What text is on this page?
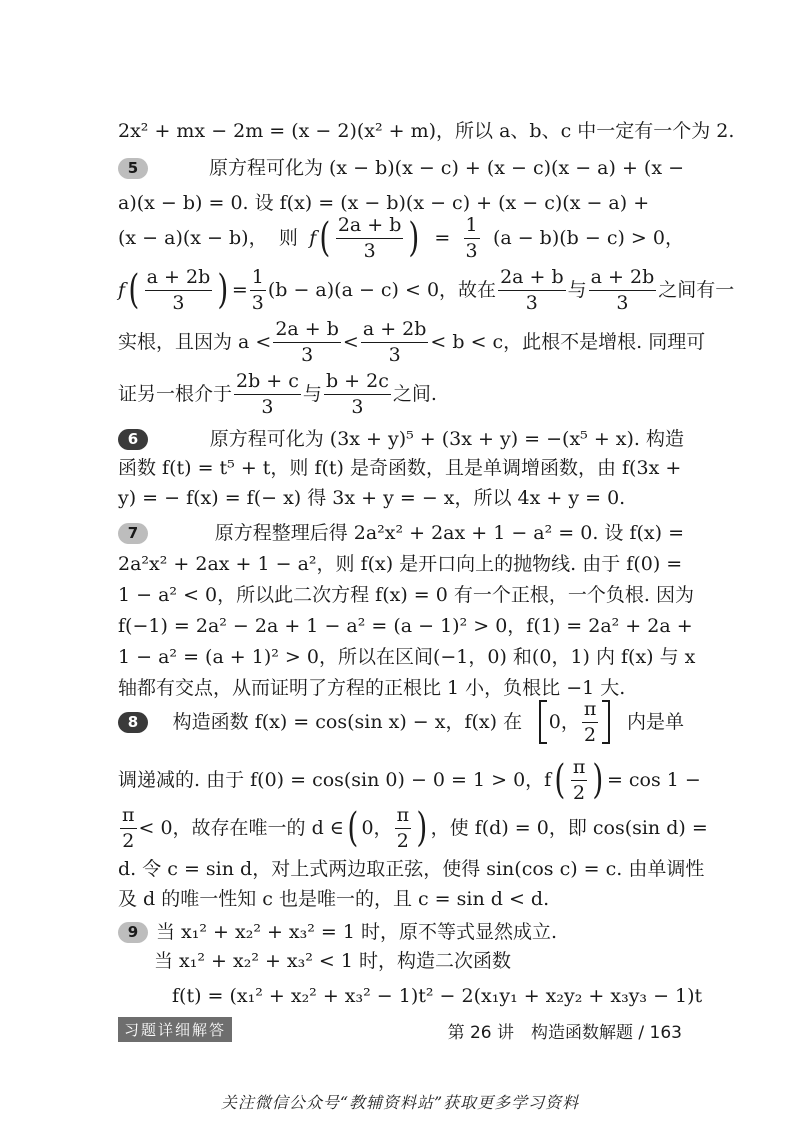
2x² + mx − 2m = (x − 2)(x² + m)，所以 a、b、c 中一定有一个为 2.
5	原方程可化为 (x − b)(x − c) + (x − c)(x − a) + (x −
a)(x − b) = 0. 设 f(x) = (x − b)(x − c) + (x − c)(x − a) +
(x − a)(x − b)， 则 f ( $\frac{2a + b}{3}$ ) = $\frac{1}{3} (a - b)(b - c) > 0$，
f ( $\frac{a + 2b}{3}$ ) = $\frac{1}{3} (b - a)(a - c) < 0$，故在 $\frac{2a + b}{3}$ 与 $\frac{a + 2b}{3}$ 之间有一
实根，且因为 $a < \frac{2a + b}{3} < \frac{a + 2b}{3} < b < c$，此根不是增根. 同理可
证另一根介于 $\frac{2b + c}{3}$ 与 $\frac{b + 2c}{3}$ 之间.
6	原方程可化为 (3x + y)⁵ + (3x + y) = −(x⁵ + x). 构造
函数 f(t) = t⁵ + t，则 f(t) 是奇函数，且是单调增函数，由 f(3x +
y) = − f(x) = f(− x) 得 3x + y = − x，所以 4x + y = 0.
7	原方程整理后得 2a²x² + 2ax + 1 − a² = 0. 设 f(x) =
2a²x² + 2ax + 1 − a²，则 f(x) 是开口向上的抛物线. 由于 f(0) =
1 − a² < 0，所以此二次方程 f(x) = 0 有一个正根，一个负根. 因为
f(−1) = 2a² − 2a + 1 − a² = (a − 1)² > 0，f(1) = 2a² + 2a +
1 − a² = (a + 1)² > 0，所以在区间(−1，0) 和(0，1) 内 f(x) 与 x
轴都有交点，从而证明了方程的正根比 1 小，负根比 −1 大.
8	构造函数 f(x) = cos(sin x) − x，f(x) 在 0， $\frac{\pi}{2}$ 内是单
调递减的. 由于 f(0) = cos(sin 0) − 0 = 1 > 0，f ( $\frac{\pi}{2}$ ) = cos 1 −
$\frac{\pi}{2} < 0$，故存在唯一的 d ∈ ( 0， $\frac{\pi}{2}$ ) ，使 f(d) = 0，即 cos(sin d) =
d. 令 c = sin d，对上式两边取正弦，使得 sin(cos c) = c. 由单调性
及 d 的唯一性知 c 也是唯一的，且 c = sin d < d.
9 当 x₁² + x₂² + x₃² = 1 时，原不等式显然成立.
当 x₁² + x₂² + x₃² < 1 时，构造二次函数
f(t) = (x₁² + x₂² + x₃² − 1)t² − 2(x₁y₁ + x₂y₂ + x₃y₃ − 1)t
习题详细解答	第 26 讲　构造函数解题 / 163
关注微信公众号“教辅资料站”获取更多学习资料
